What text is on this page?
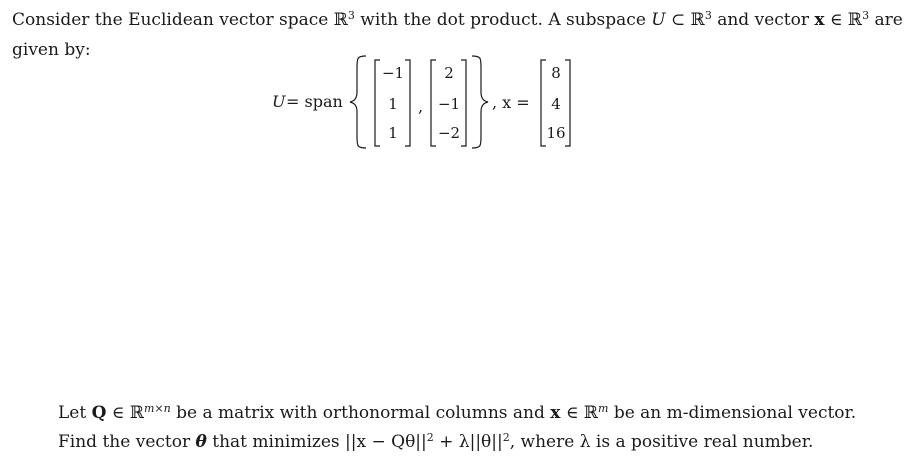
Consider the Euclidean vector space ℝ$^3$ with the dot product. A subspace U ⊂ ℝ$^3$ and vector x ∈ ℝ$^3$ are
given by:
U = span
−1
1
1
,
2
−1
−2
, x =
8
4
16
Let Q ∈ ℝ$^{m\times n}$ be a matrix with orthonormal columns and x ∈ ℝ$^m$ be an m-dimensional vector.
Find the vector θ that minimizes $||x - Q\theta||^2 + \lambda||\theta||^2$, where λ is a positive real number.
